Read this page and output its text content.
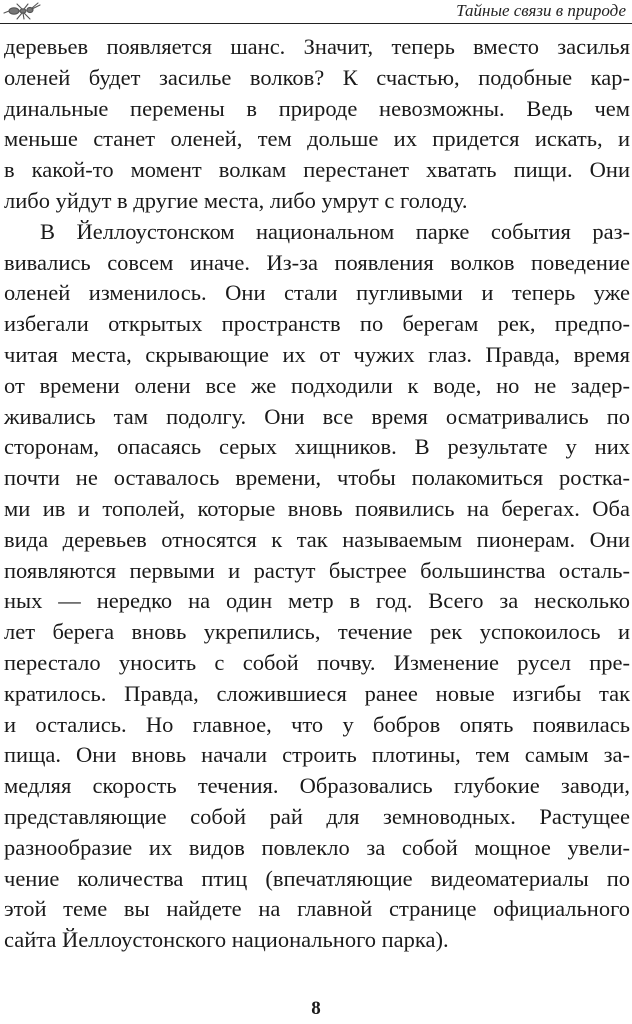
Тайные связи в природе
деревьев появляется шанс. Значит, теперь вместо засилья
оленей будет засилье волков? К счастью, подобные кар-
динальные перемены в природе невозможны. Ведь чем
меньше станет оленей, тем дольше их придется искать, и
в какой-то момент волкам перестанет хватать пищи. Они
либо уйдут в другие места, либо умрут с голоду.
В Йеллоустонском национальном парке события раз-
вивались совсем иначе. Из-за появления волков поведение
оленей изменилось. Они стали пугливыми и теперь уже
избегали открытых пространств по берегам рек, предпо-
читая места, скрывающие их от чужих глаз. Правда, время
от времени олени все же подходили к воде, но не задер-
живались там подолгу. Они все время осматривались по
сторонам, опасаясь серых хищников. В результате у них
почти не оставалось времени, чтобы полакомиться ростка-
ми ив и тополей, которые вновь появились на берегах. Оба
вида деревьев относятся к так называемым пионерам. Они
появляются первыми и растут быстрее большинства осталь-
ных — нередко на один метр в год. Всего за несколько
лет берега вновь укрепились, течение рек успокоилось и
перестало уносить с собой почву. Изменение русел пре-
кратилось. Правда, сложившиеся ранее новые изгибы так
и остались. Но главное, что у бобров опять появилась
пища. Они вновь начали строить плотины, тем самым за-
медляя скорость течения. Образовались глубокие заводи,
представляющие собой рай для земноводных. Растущее
разнообразие их видов повлекло за собой мощное увели-
чение количества птиц (впечатляющие видеоматериалы по
этой теме вы найдете на главной странице официального
сайта Йеллоустонского национального парка).
8
